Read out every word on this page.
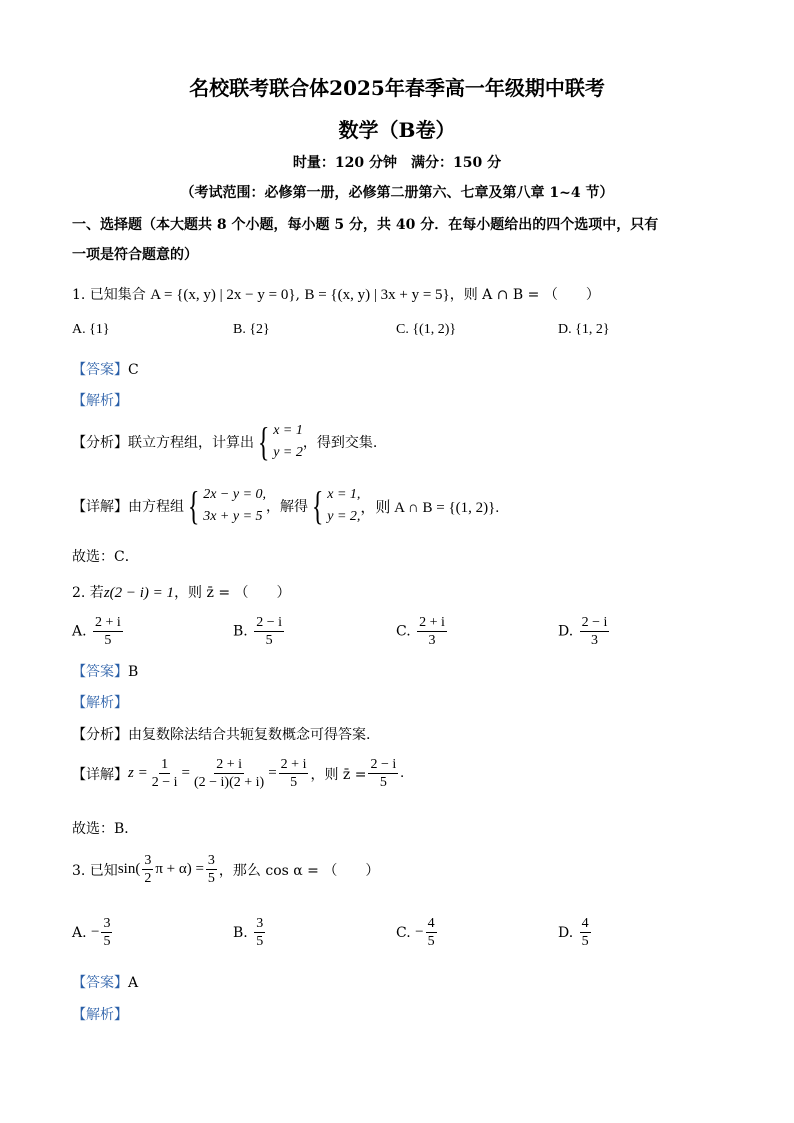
名校联考联合体2025年春季高一年级期中联考
数学（B卷）
时量：120 分钟　满分：150 分
（考试范围：必修第一册，必修第二册第六、七章及第八章 1~4 节）
一、选择题（本大题共 8 个小题，每小题 5 分，共 40 分．在每小题给出的四个选项中，只有
一项是符合题意的）
1. 已知集合 A = {(x, y) | 2x − y = 0}, B = {(x, y) | 3x + y = 5}，则 A ∩ B = （　　）
A. {1}	B. {2}	C. {(1, 2)}	D. {1, 2}
【答案】C
【解析】
【分析】 联立方程组，计算出 { x = 1
y = 2
，得到交集.
【详解】 由方程组 { 2x − y = 0,
3x + y = 5
，解得 { x = 1,
y = 2,
，则 A ∩ B = {(1, 2)}.
故选：C．
2. 若z(2 − i) = 1，则 z̄ = （　　）
A. $\frac{2 + i}{5}$	B. $\frac{2 - i}{5}$	C. $\frac{2 + i}{3}$	D. $\frac{2 - i}{3}$
【答案】B
【解析】
【分析】由复数除法结合共轭复数概念可得答案.
【详解】 $z = \frac{1}{2 - i} = \frac{2 + i}{(2 - i)(2 + i)} = \frac{2 + i}{5}$ ，则 z̄ = $\frac{2 - i}{5}$ .
故选：B．
3. 已知 $\sin( \frac{3}{2}$ $\pi + \alpha) = \frac{3}{5}$ ，那么 cos α = （　　）
A.
− $\frac{3}{5}$	B.
$\frac{3}{5}$	C.
− $\frac{4}{5}$	D.
$\frac{4}{5}$
【答案】A
【解析】
